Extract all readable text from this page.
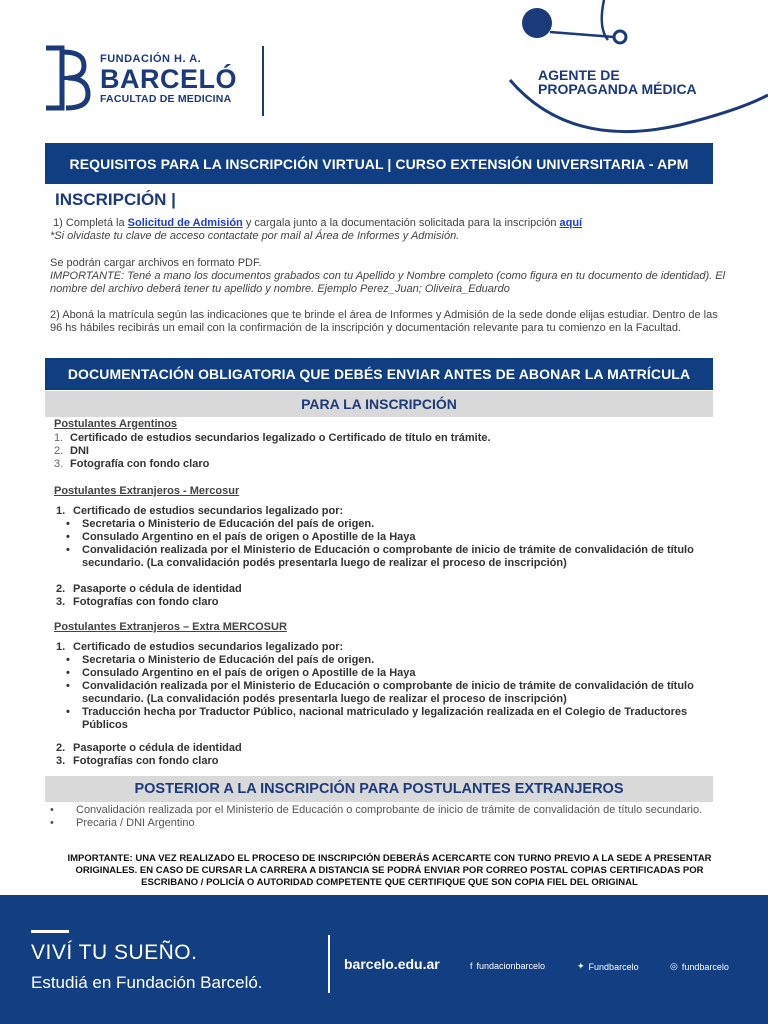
FUNDACIÓN H. A.
BARCELÓ
FACULTAD DE MEDICINA
AGENTE DE
PROPAGANDA MÉDICA
REQUISITOS PARA LA INSCRIPCIÓN VIRTUAL | CURSO EXTENSIÓN UNIVERSITARIA - APM
INSCRIPCIÓN |
1) Completá la Solicitud de Admisión y cargala junto a la documentación solicitada para la inscripción aquí
*Si olvidaste tu clave de acceso contactate por mail al Área de Informes y Admisión.
Se podrán cargar archivos en formato PDF.
IMPORTANTE: Tené a mano los documentos grabados con tu Apellido y Nombre completo (como figura en tu documento de identidad). El nombre del archivo deberá tener tu apellido y nombre. Ejemplo Perez_Juan; Oliveira_Eduardo
2) Aboná la matrícula según las indicaciones que te brinde el área de Informes y Admisión de la sede donde elijas estudiar. Dentro de las 96 hs hábiles recibirás un email con la confirmación de la inscripción y documentación relevante para tu comienzo en la Facultad.
DOCUMENTACIÓN OBLIGATORIA QUE DEBÉS ENVIAR ANTES DE ABONAR LA MATRÍCULA
PARA LA INSCRIPCIÓN
Postulantes Argentinos
1. Certificado de estudios secundarios legalizado o Certificado de título en trámite.
2. DNI
3. Fotografía con fondo claro
Postulantes Extranjeros - Mercosur
1. Certificado de estudios secundarios legalizado por:
•	Secretaria o Ministerio de Educación del país de origen.
•	Consulado Argentino en el país de origen o Apostille de la Haya
•	Convalidación realizada por el Ministerio de Educación o comprobante de inicio de trámite de convalidación de título secundario. (La convalidación podés presentarla luego de realizar el proceso de inscripción)
2. Pasaporte o cédula de identidad
3. Fotografías con fondo claro
Postulantes Extranjeros – Extra MERCOSUR
1. Certificado de estudios secundarios legalizado por:
•	Secretaria o Ministerio de Educación del país de origen.
•	Consulado Argentino en el país de origen o Apostille de la Haya
•	Convalidación realizada por el Ministerio de Educación o comprobante de inicio de trámite de convalidación de título secundario. (La convalidación podés presentarla luego de realizar el proceso de inscripción)
•	Traducción hecha por Traductor Público, nacional matriculado y legalización realizada en el Colegio de Traductores Públicos
2. Pasaporte o cédula de identidad
3. Fotografías con fondo claro
POSTERIOR A LA INSCRIPCIÓN PARA POSTULANTES EXTRANJEROS
•	Convalidación realizada por el Ministerio de Educación o comprobante de inicio de trámite de convalidación de título secundario.
•	Precaria / DNI Argentino
IMPORTANTE: UNA VEZ REALIZADO EL PROCESO DE INSCRIPCIÓN DEBERÁS ACERCARTE CON TURNO PREVIO A LA SEDE A PRESENTAR ORIGINALES. EN CASO DE CURSAR LA CARRERA A DISTANCIA SE PODRÁ ENVIAR POR CORREO POSTAL COPIAS CERTIFICADAS POR ESCRIBANO / POLICÍA O AUTORIDAD COMPETENTE QUE CERTIFIQUE QUE SON COPIA FIEL DEL ORIGINAL
VIVÍ TU SUEÑO.
Estudiá en Fundación Barceló.
barcelo.edu.ar	f fundacionbarcelo	✦ Fundbarcelo	◎ fundbarcelo
